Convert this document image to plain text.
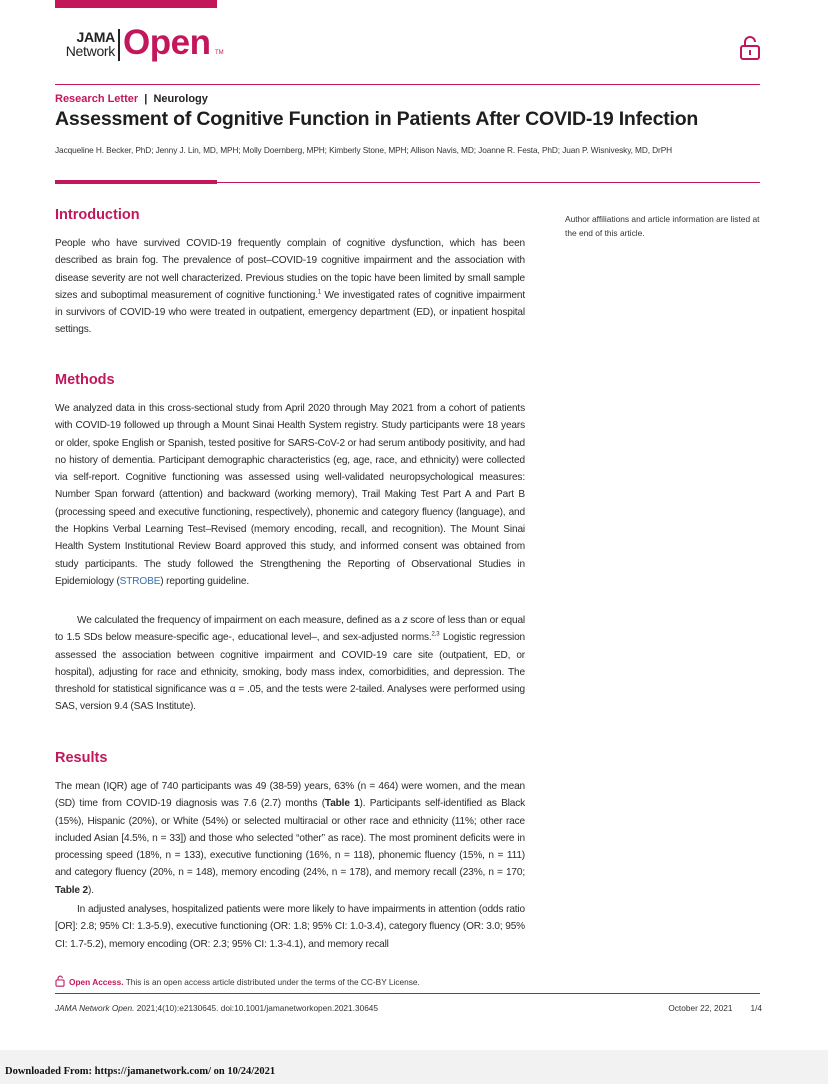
JAMA
Network Open TM
Research Letter  |  Neurology
Assessment of Cognitive Function in Patients After COVID-19 Infection
Jacqueline H. Becker, PhD; Jenny J. Lin, MD, MPH; Molly Doernberg, MPH; Kimberly Stone, MPH; Allison Navis, MD; Joanne R. Festa, PhD; Juan P. Wisnivesky, MD, DrPH
Author affiliations and article information are listed at the end of this article.
Introduction
People who have survived COVID-19 frequently complain of cognitive dysfunction, which has been described as brain fog. The prevalence of post–COVID-19 cognitive impairment and the association with disease severity are not well characterized. Previous studies on the topic have been limited by small sample sizes and suboptimal measurement of cognitive functioning.$^1$ We investigated rates of cognitive impairment in survivors of COVID-19 who were treated in outpatient, emergency department (ED), or inpatient hospital settings.
Methods
We analyzed data in this cross-sectional study from April 2020 through May 2021 from a cohort of patients with COVID-19 followed up through a Mount Sinai Health System registry. Study participants were 18 years or older, spoke English or Spanish, tested positive for SARS-CoV-2 or had serum antibody positivity, and had no history of dementia. Participant demographic characteristics (eg, age, race, and ethnicity) were collected via self-report. Cognitive functioning was assessed using well-validated neuropsychological measures: Number Span forward (attention) and backward (working memory), Trail Making Test Part A and Part B (processing speed and executive functioning, respectively), phonemic and category fluency (language), and the Hopkins Verbal Learning Test–Revised (memory encoding, recall, and recognition). The Mount Sinai Health System Institutional Review Board approved this study, and informed consent was obtained from study participants. The study followed the Strengthening the Reporting of Observational Studies in Epidemiology (STROBE) reporting guideline.
We calculated the frequency of impairment on each measure, defined as a z score of less than or equal to 1.5 SDs below measure-specific age-, educational level–, and sex-adjusted norms.$^{2,3}$ Logistic regression assessed the association between cognitive impairment and COVID-19 care site (outpatient, ED, or hospital), adjusting for race and ethnicity, smoking, body mass index, comorbidities, and depression. The threshold for statistical significance was α = .05, and the tests were 2-tailed. Analyses were performed using SAS, version 9.4 (SAS Institute).
Results
The mean (IQR) age of 740 participants was 49 (38-59) years, 63% (n = 464) were women, and the mean (SD) time from COVID-19 diagnosis was 7.6 (2.7) months (Table 1). Participants self-identified as Black (15%), Hispanic (20%), or White (54%) or selected multiracial or other race and ethnicity (11%; other race included Asian [4.5%, n = 33]) and those who selected “other” as race). The most prominent deficits were in processing speed (18%, n = 133), executive functioning (16%, n = 118), phonemic fluency (15%, n = 111) and category fluency (20%, n = 148), memory encoding (24%, n = 178), and memory recall (23%, n = 170; Table 2).
In adjusted analyses, hospitalized patients were more likely to have impairments in attention (odds ratio [OR]: 2.8; 95% CI: 1.3-5.9), executive functioning (OR: 1.8; 95% CI: 1.0-3.4), category fluency (OR: 3.0; 95% CI: 1.7-5.2), memory encoding (OR: 2.3; 95% CI: 1.3-4.1), and memory recall
Open Access. This is an open access article distributed under the terms of the CC-BY License.
JAMA Network Open. 2021;4(10):e2130645. doi:10.1001/jamanetworkopen.2021.30645	October 22, 2021 1/4
Downloaded From: https://jamanetwork.com/ on 10/24/2021
